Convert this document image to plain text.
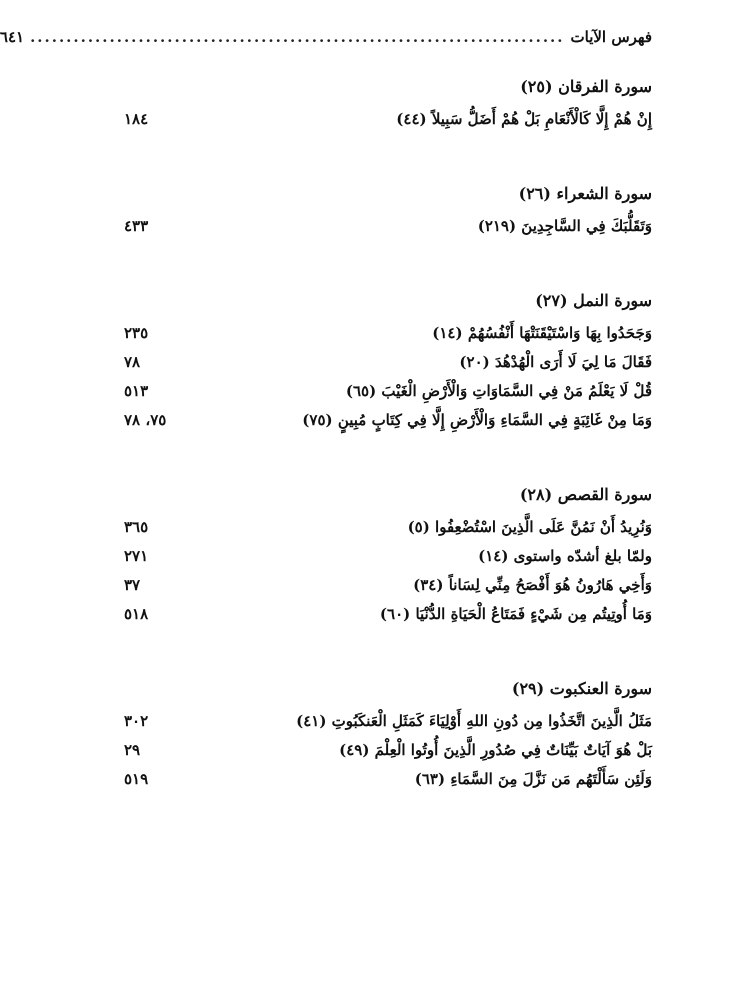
فهرس الآيات
..........................................................................
٦٤١
سورة الفرقان (٢٥)
إِنْ هُمْ إِلَّا كَالْأَنْعَامِ بَلْ هُمْ أَضَلُّ سَبِيلاً (٤٤)
١٨٤
سورة الشعراء (٢٦)
وَتَقَلُّبَكَ فِي السَّاجِدِينَ (٢١٩)
٤٣٣
سورة النمل (٢٧)
وَجَحَدُوا بِهَا وَاسْتَيْقَنَتْهَا أَنْفُسُهُمْ (١٤)
٢٣٥
فَقَالَ مَا لِيَ لَا أَرَى الْهُدْهُدَ (٢٠)
٧٨
قُلْ لَا يَعْلَمُ مَنْ فِي السَّمَاوَاتِ وَالْأَرْضِ الْغَيْبَ (٦٥)
٥١٣
وَمَا مِنْ غَائِبَةٍ فِي السَّمَاءِ وَالْأَرْضِ إِلَّا فِي كِتَابٍ مُبِينٍ (٧٥)
٧٥، ٧٨
سورة القصص (٢٨)
وَنُرِيدُ أَنْ نَمُنَّ عَلَى الَّذِينَ اسْتُضْعِفُوا (٥)
٣٦٥
ولمّا بلغ أشدّه واستوى (١٤)
٢٧١
وَأَخِي هَارُونُ هُوَ أَفْصَحُ مِنِّي لِسَاناً (٣٤)
٣٧
وَمَا أُوتِيتُم مِن شَيْءٍ فَمَتَاعُ الْحَيَاةِ الدُّنْيَا (٦٠)
٥١٨
سورة العنكبوت (٢٩)
مَثَلُ الَّذِينَ اتَّخَذُوا مِن دُونِ اللهِ أَوْلِيَاءَ كَمَثَلِ الْعَنكَبُوتِ (٤١)
٣٠٢
بَلْ هُوَ آيَاتٌ بَيِّنَاتٌ فِي صُدُورِ الَّذِينَ أُوتُوا الْعِلْمَ (٤٩)
٢٩
وَلَئِن سَأَلْتَهُم مَن نَزَّلَ مِنَ السَّمَاءِ (٦٣)
٥١٩
